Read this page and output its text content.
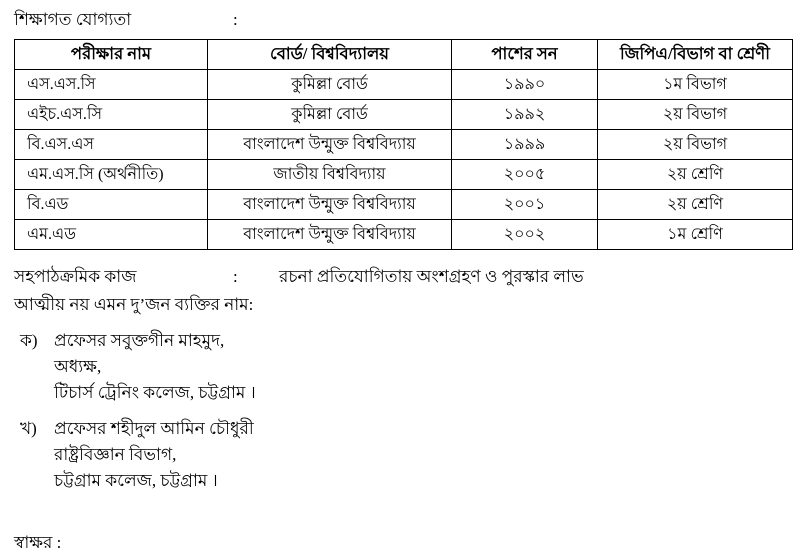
শিক্ষাগত যোগ্যতা	:
পরীক্ষার নাম	বোর্ড/ বিশ্ববিদ্যালয়	পাশের সন	জিপিএ/বিভাগ বা শ্রেণী
এস.এস.সি	কুমিল্লা বোর্ড	১৯৯০	১ম বিভাগ
এইচ.এস.সি	কুমিল্লা বোর্ড	১৯৯২	২য় বিভাগ
বি.এস.এস	বাংলাদেশ উন্মুক্ত বিশ্ববিদ্যায়	১৯৯৯	২য় বিভাগ
এম.এস.সি (অর্থনীতি)	জাতীয় বিশ্ববিদ্যায়	২০০৫	২য় শ্রেণি
বি.এড	বাংলাদেশ উন্মুক্ত বিশ্ববিদ্যায়	২০০১	২য় শ্রেণি
এম.এড	বাংলাদেশ উন্মুক্ত বিশ্ববিদ্যায়	২০০২	১ম শ্রেণি
সহপাঠক্রমিক কাজ	:	রচনা প্রতিযোগিতায় অংশগ্রহণ ও পুরস্কার লাভ
আত্মীয় নয় এমন দু’জন ব্যক্তির নাম:
ক) প্রফেসর সবুক্তগীন মাহমুদ,
অধ্যক্ষ,
টিচার্স ট্রেনিং কলেজ, চট্টগ্রাম ।
খ)	প্রফেসর শহীদুল আমিন চৌধুরী
রাষ্ট্রবিজ্ঞান বিভাগ,
চট্টগ্রাম কলেজ, চট্টগ্রাম ।
স্বাক্ষর :
